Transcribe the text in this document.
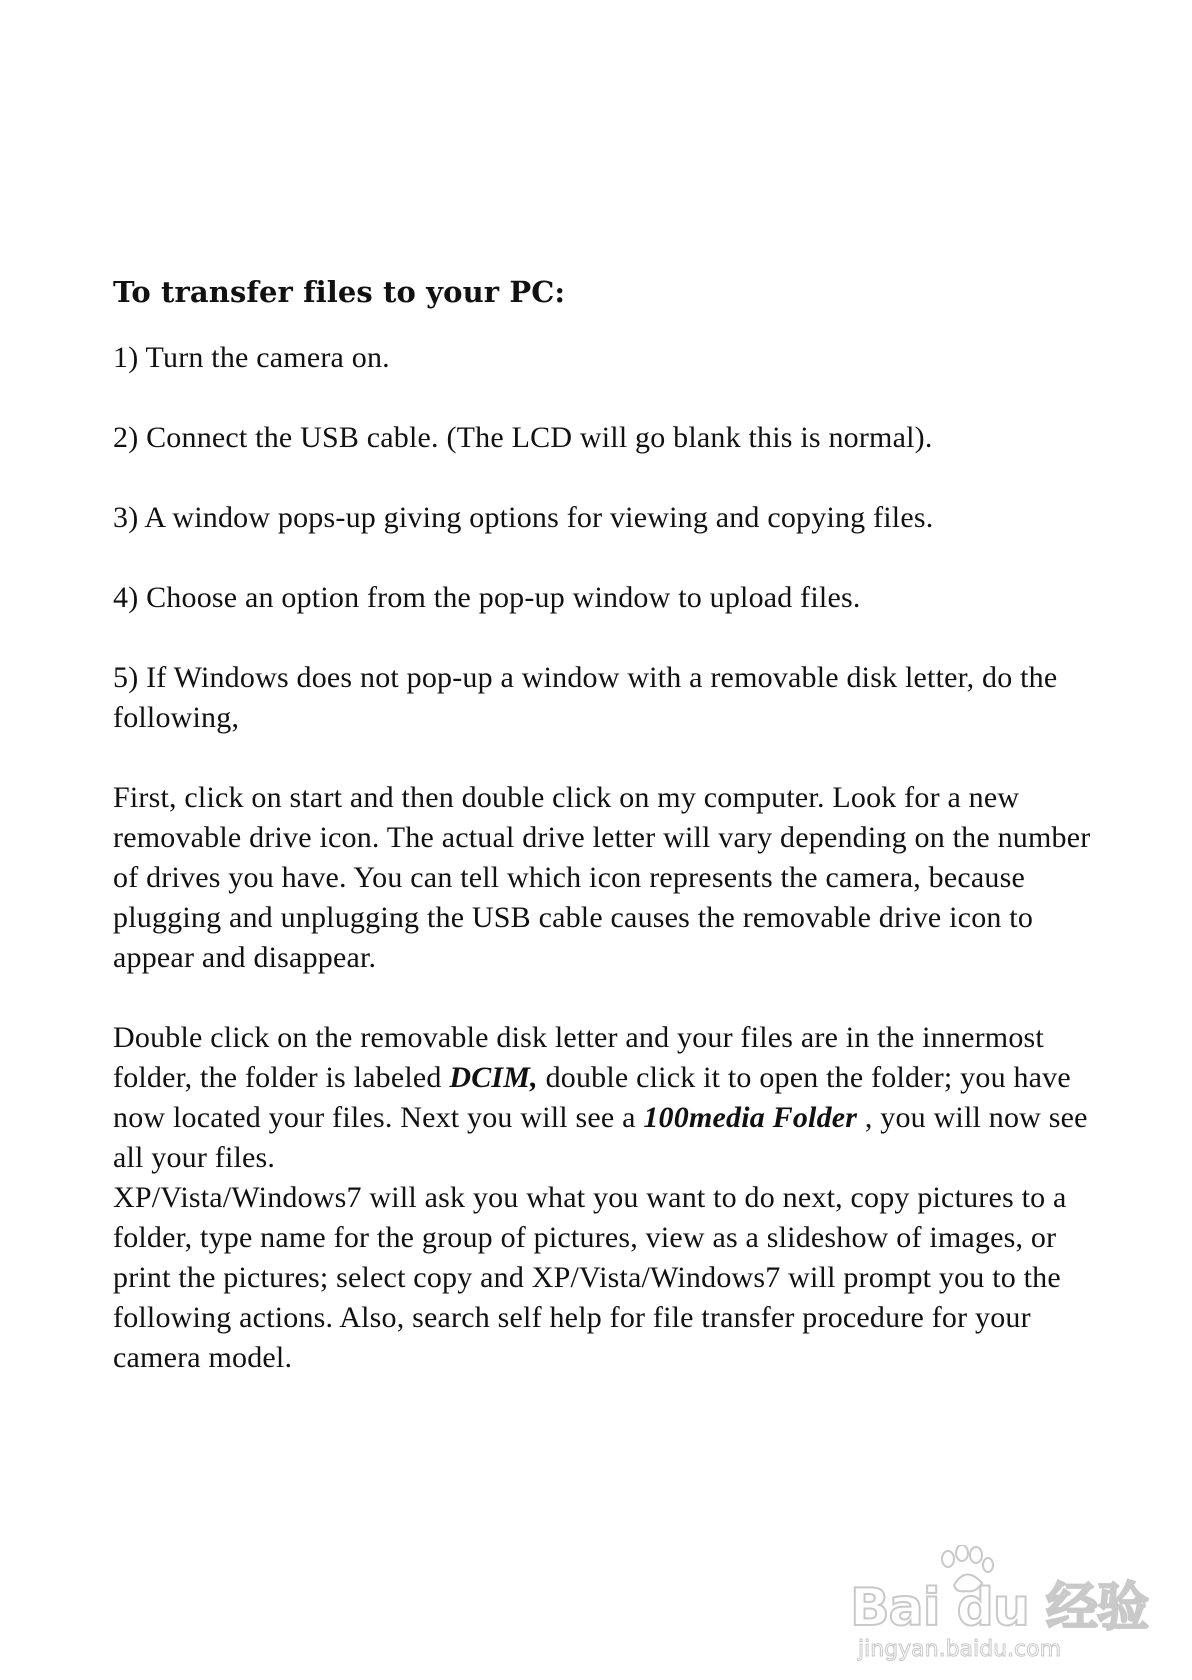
To transfer files to your PC:
1) Turn the camera on.
2) Connect the USB cable. (The LCD will go blank this is normal).
3) A window pops-up giving options for viewing and copying files.
4) Choose an option from the pop-up window to upload files.
5) If Windows does not pop-up a window with a removable disk letter, do the following,
First, click on start and then double click on my computer. Look for a new removable drive icon. The actual drive letter will vary depending on the number of drives you have. You can tell which icon represents the camera, because plugging and unplugging the USB cable causes the removable drive icon to appear and disappear.
Double click on the removable disk letter and your files are in the innermost folder, the folder is labeled DCIM, double click it to open the folder; you have now located your files. Next you will see a 100media Folder , you will now see all your files.
XP/Vista/Windows7 will ask you what you want to do next, copy pictures to a folder, type name for the group of pictures, view as a slideshow of images, or print the pictures; select copy and XP/Vista/Windows7 will prompt you to the following actions. Also, search self help for file transfer procedure for your camera model.
Bai du 经验
jingyan.baidu.com
